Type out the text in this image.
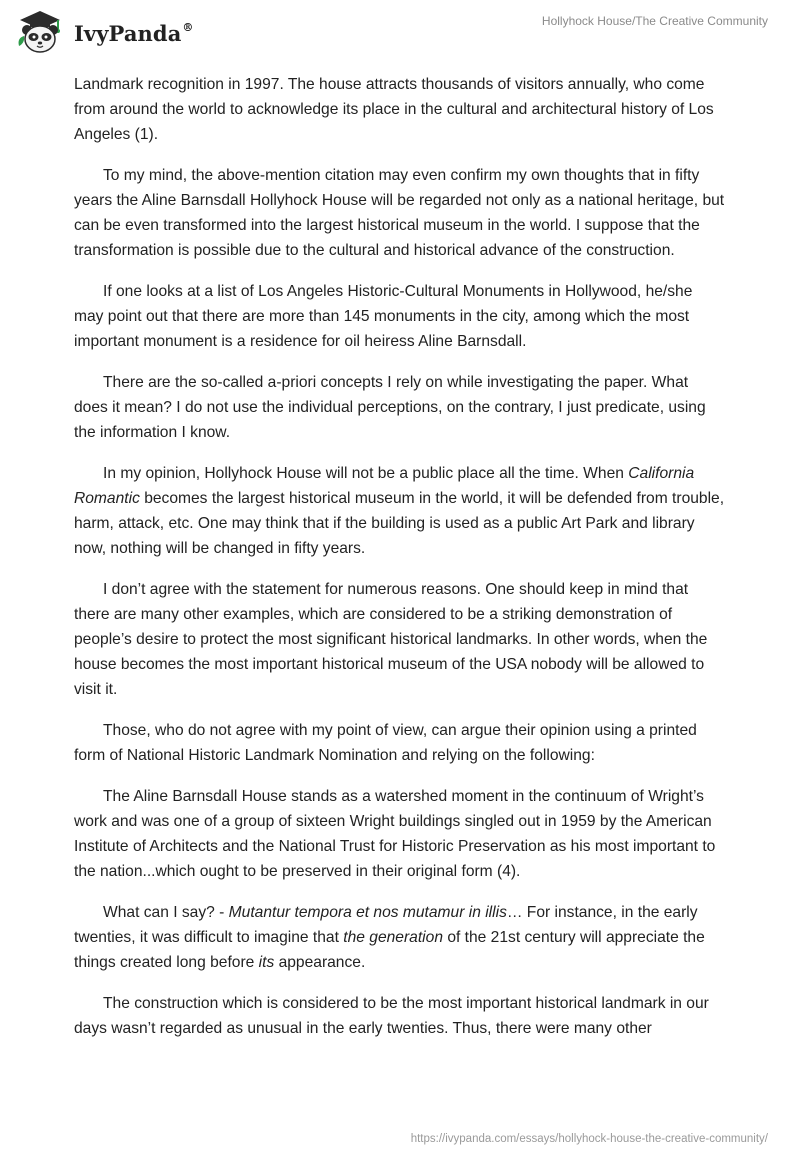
IvyPanda®	Hollyhock House/The Creative Community

Landmark recognition in 1997. The house attracts thousands of visitors annually, who come from around the world to acknowledge its place in the cultural and architectural history of Los Angeles (1).

To my mind, the above-mention citation may even confirm my own thoughts that in fifty years the Aline Barnsdall Hollyhock House will be regarded not only as a national heritage, but can be even transformed into the largest historical museum in the world. I suppose that the transformation is possible due to the cultural and historical advance of the construction.

If one looks at a list of Los Angeles Historic-Cultural Monuments in Hollywood, he/she may point out that there are more than 145 monuments in the city, among which the most important monument is a residence for oil heiress Aline Barnsdall.

There are the so-called a-priori concepts I rely on while investigating the paper. What does it mean? I do not use the individual perceptions, on the contrary, I just predicate, using the information I know.

In my opinion, Hollyhock House will not be a public place all the time. When California Romantic becomes the largest historical museum in the world, it will be defended from trouble, harm, attack, etc. One may think that if the building is used as a public Art Park and library now, nothing will be changed in fifty years.

I don’t agree with the statement for numerous reasons. One should keep in mind that there are many other examples, which are considered to be a striking demonstration of people’s desire to protect the most significant historical landmarks. In other words, when the house becomes the most important historical museum of the USA nobody will be allowed to visit it.

Those, who do not agree with my point of view, can argue their opinion using a printed form of National Historic Landmark Nomination and relying on the following:

The Aline Barnsdall House stands as a watershed moment in the continuum of Wright’s work and was one of a group of sixteen Wright buildings singled out in 1959 by the American Institute of Architects and the National Trust for Historic Preservation as his most important to the nation...which ought to be preserved in their original form (4).

What can I say? - Mutantur tempora et nos mutamur in illis… For instance, in the early twenties, it was difficult to imagine that the generation of the 21st century will appreciate the things created long before its appearance.

The construction which is considered to be the most important historical landmark in our days wasn’t regarded as unusual in the early twenties. Thus, there were many other

https://ivypanda.com/essays/hollyhock-house-the-creative-community/
